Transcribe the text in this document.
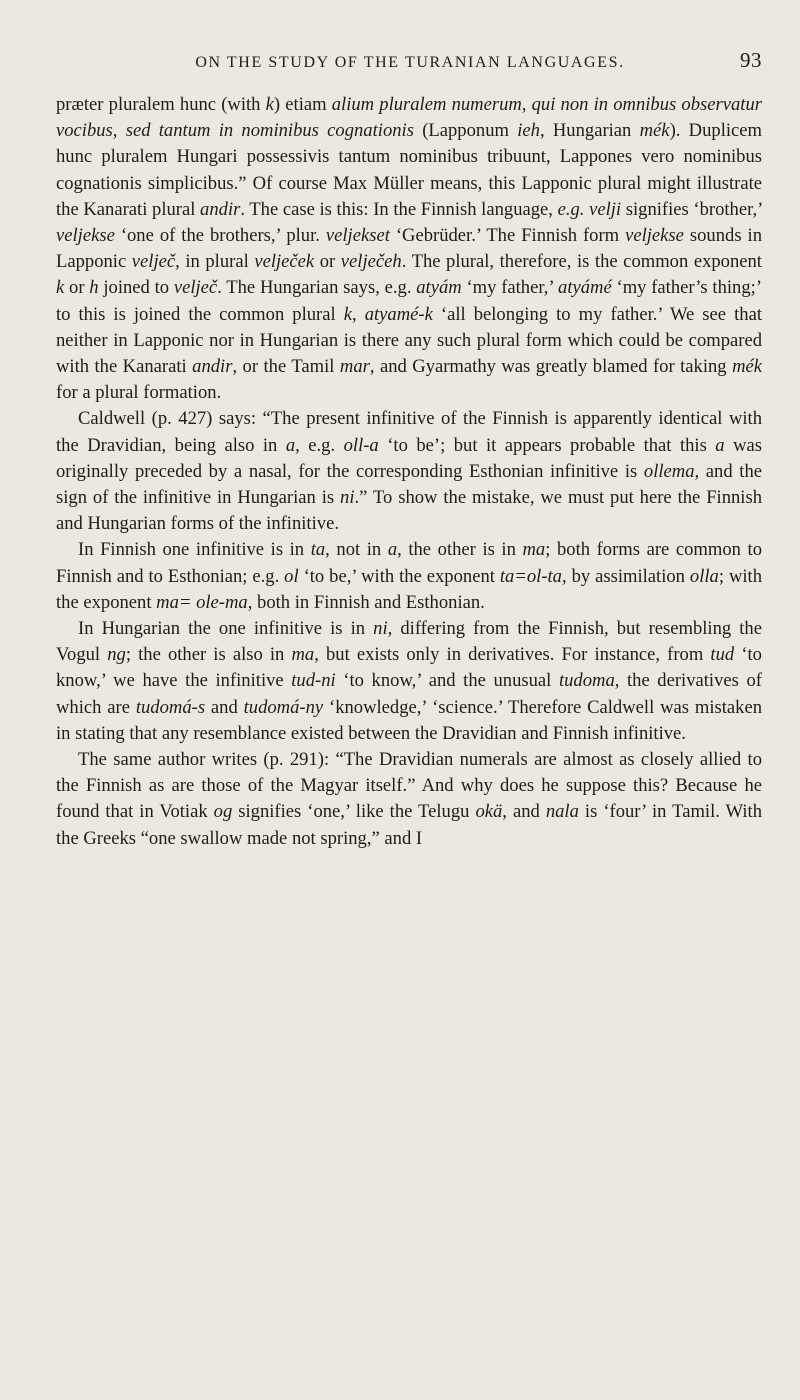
ON THE STUDY OF THE TURANIAN LANGUAGES.	93

præter pluralem hunc (with k) etiam alium pluralem numerum, qui non in omnibus observatur vocibus, sed tantum in nominibus cognationis (Lapponum ieh, Hungarian mék). Duplicem hunc pluralem Hungari possessivis tantum nominibus tribuunt, Lappones vero nominibus cognationis simplicibus.” Of course Max Müller means, this Lapponic plural might illustrate the Kanarati plural andir. The case is this: In the Finnish language, e.g. velji signifies ‘brother,’ veljekse ‘one of the brothers,’ plur. veljekset ‘Gebrüder.’ The Finnish form veljekse sounds in Lapponic velječ, in plural velječek or velječeh. The plural, therefore, is the common exponent k or h joined to velječ. The Hungarian says, e.g. atyám ‘my father,’ atyámé ‘my father’s thing;’ to this is joined the common plural k, atyamé-k ‘all belonging to my father.’ We see that neither in Lapponic nor in Hungarian is there any such plural form which could be compared with the Kanarati andir, or the Tamil mar, and Gyarmathy was greatly blamed for taking mék for a plural formation.

Caldwell (p. 427) says: “The present infinitive of the Finnish is apparently identical with the Dravidian, being also in a, e.g. oll-a ‘to be’; but it appears probable that this a was originally preceded by a nasal, for the corresponding Esthonian infinitive is ollema, and the sign of the infinitive in Hungarian is ni.” To show the mistake, we must put here the Finnish and Hungarian forms of the infinitive.

In Finnish one infinitive is in ta, not in a, the other is in ma; both forms are common to Finnish and to Esthonian; e.g. ol ‘to be,’ with the exponent ta=ol-ta, by assimilation olla; with the exponent ma= ole-ma, both in Finnish and Esthonian.

In Hungarian the one infinitive is in ni, differing from the Finnish, but resembling the Vogul ng; the other is also in ma, but exists only in derivatives. For instance, from tud ‘to know,’ we have the infinitive tud-ni ‘to know,’ and the unusual tudoma, the derivatives of which are tudomá-s and tudomá-ny ‘knowledge,’ ‘science.’ Therefore Caldwell was mistaken in stating that any resemblance existed between the Dravidian and Finnish infinitive.

The same author writes (p. 291): “The Dravidian numerals are almost as closely allied to the Finnish as are those of the Magyar itself.” And why does he suppose this? Because he found that in Votiak og signifies ‘one,’ like the Telugu okä, and nala is ‘four’ in Tamil. With the Greeks “one swallow made not spring,” and I
